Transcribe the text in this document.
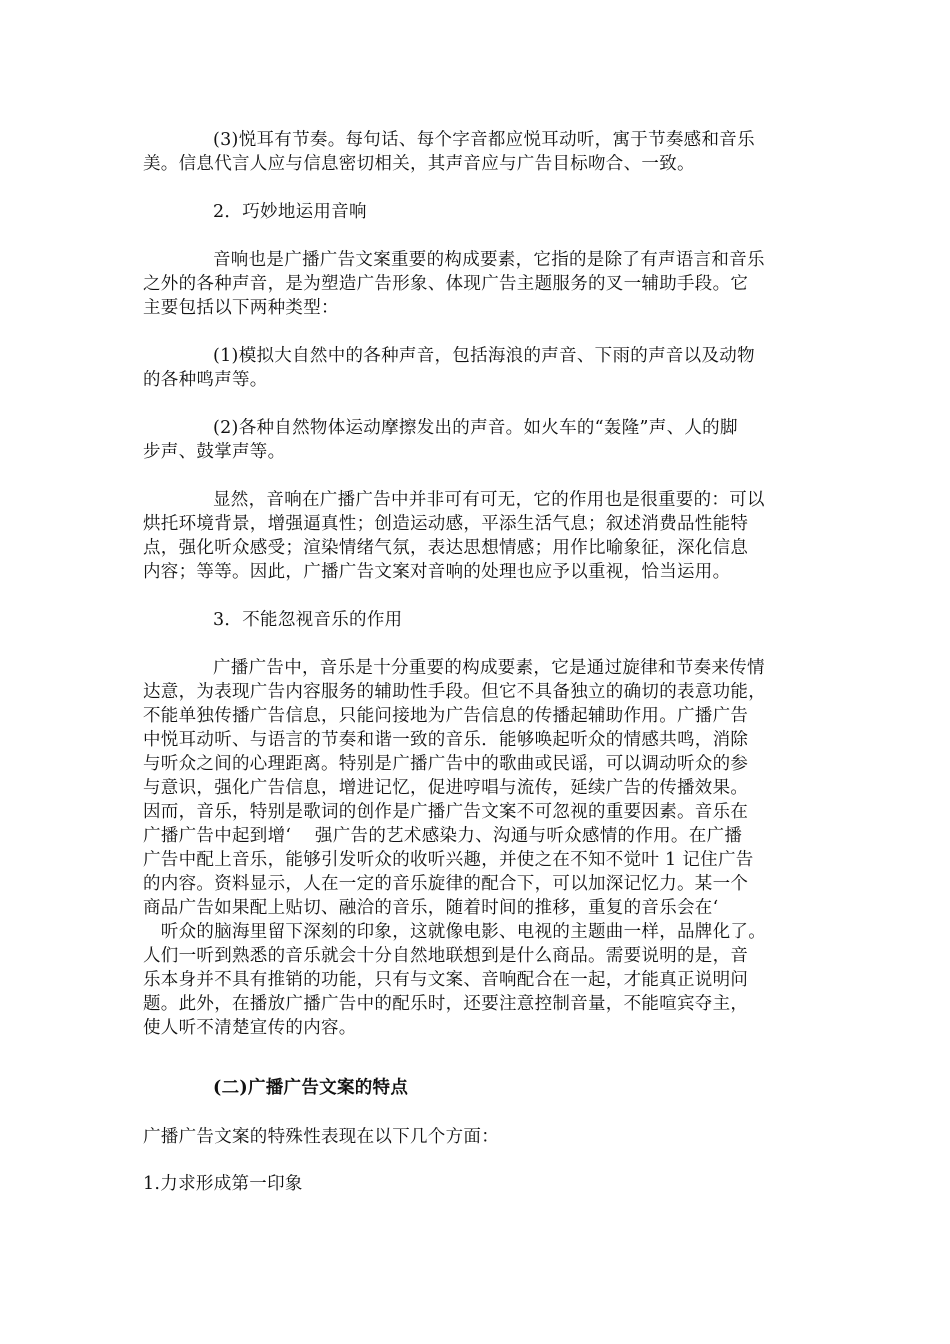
(3)悦耳有节奏。每句话、每个字音都应悦耳动听，寓于节奏感和音乐
美。信息代言人应与信息密切相关，其声音应与广告目标吻合、一致。
2．巧妙地运用音响
音响也是广播广告文案重要的构成要素，它指的是除了有声语言和音乐
之外的各种声音，是为塑造广告形象、体现广告主题服务的叉一辅助手段。它
主要包括以下两种类型：
(1)模拟大自然中的各种声音，包括海浪的声音、下雨的声音以及动物
的各种鸣声等。
(2)各种自然物体运动摩擦发出的声音。如火车的“轰隆”声、人的脚
步声、鼓掌声等。
显然，音响在广播广告中并非可有可无，它的作用也是很重要的：可以
烘托环境背景，增强逼真性；创造运动感，平添生活气息；叙述消费品性能特
点，强化听众感受；渲染情绪气氛，表达思想情感；用作比喻象征，深化信息
内容；等等。因此，广播广告文案对音响的处理也应予以重视，恰当运用。
3．不能忽视音乐的作用
广播广告中，音乐是十分重要的构成要素，它是通过旋律和节奏来传情
达意，为表现广告内容服务的辅助性手段。但它不具备独立的确切的表意功能，
不能单独传播广告信息，只能问接地为广告信息的传播起辅助作用。广播广告
中悦耳动听、与语言的节奏和谐一致的音乐．能够唤起听众的情感共鸣，消除
与听众之间的心理距离。特别是广播广告中的歌曲或民谣，可以调动听众的参
与意识，强化广告信息，增进记忆，促进哼唱与流传，延续广告的传播效果。
因而，音乐，特别是歌词的创作是广播广告文案不可忽视的重要因素。音乐在
广播广告中起到增‘　 强广告的艺术感染力、沟通与听众感情的作用。在广播
广告中配上音乐，能够引发听众的收听兴趣，并使之在不知不觉叶 1 记住广告
的内容。资料显示，人在一定的音乐旋律的配合下，可以加深记忆力。某一个
商品广告如果配上贴切、融洽的音乐，随着时间的推移，重复的音乐会在‘
　听众的脑海里留下深刻的印象，这就像电影、电视的主题曲一样，品牌化了。
人们一听到熟悉的音乐就会十分自然地联想到是什么商品。需要说明的是，音
乐本身并不具有推销的功能，只有与文案、音响配合在一起，才能真正说明问
题。此外，在播放广播广告中的配乐时，还要注意控制音量，不能喧宾夺主，
使人听不清楚宣传的内容。
(二)广播广告文案的特点
广播广告文案的特殊性表现在以下几个方面：
1.力求形成第一印象
